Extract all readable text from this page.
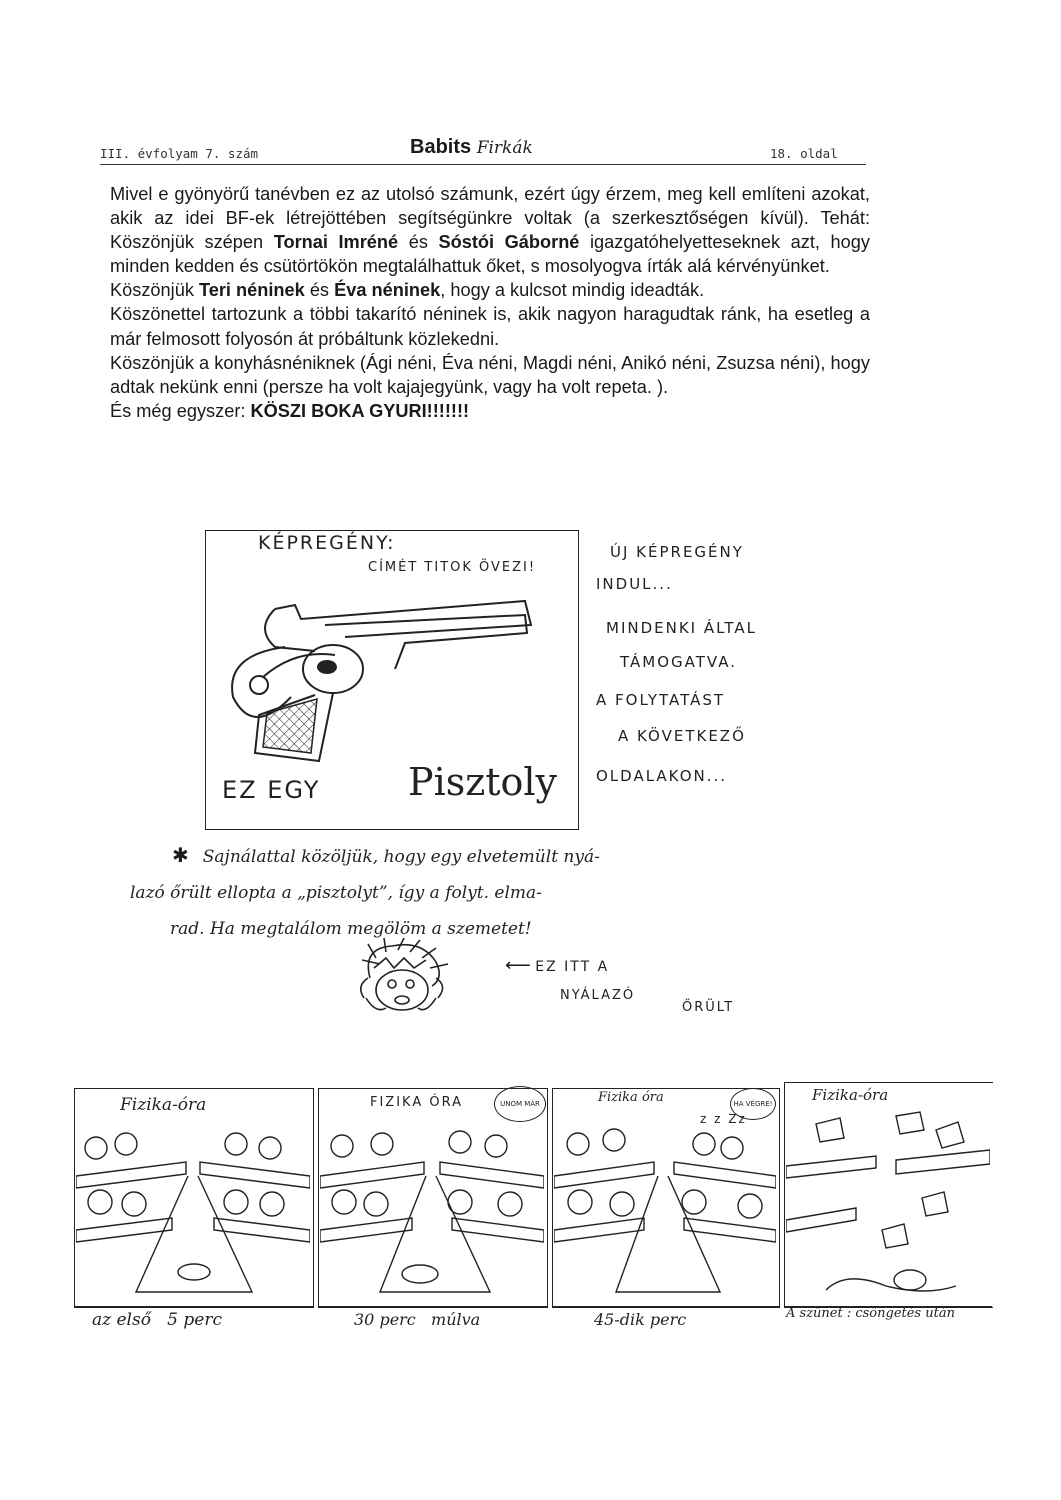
III. évfolyam 7. szám	Babits Firkák	18. oldal

Mivel e gyönyörű tanévben ez az utolsó számunk, ezért úgy érzem, meg kell említeni azokat, akik az idei BF-ek létrejöttében segítségünkre voltak (a szerkesztőségen kívül). Tehát: Köszönjük szépen Tornai Imréné és Sóstói Gáborné igazgatóhelyetteseknek azt, hogy minden kedden és csütörtökön megtalálhattuk őket, s mosolyogva írták alá kérvényünket.

Köszönjük Teri néninek és Éva néninek, hogy a kulcsot mindig ideadták.

Köszönettel tartozunk a többi takarító néninek is, akik nagyon haragudtak ránk, ha esetleg a már felmosott folyosón át próbáltunk közlekedni.

Köszönjük a konyhásnéniknek (Ági néni, Éva néni, Magdi néni, Anikó néni, Zsuzsa néni), hogy adtak nekünk enni (persze ha volt kajajegyünk, vagy ha volt repeta. ).

És még egyszer: KÖSZI BOKA GYURI!!!!!!!

KÉPREGÉNY:
CÍMÉT TITOK ÖVEZI!
EZ EGY Pisztoly
ÚJ KÉPREGÉNY
INDUL...
MINDENKI ÁLTAL
TÁMOGATVA.
A FOLYTATÁST
A KÖVETKEZŐ
OLDALAKON...
✱ Sajnálattal közöljük, hogy egy elvetemült nyá-
lazó őrült ellopta a „pisztolyt”, így a folyt. elma-
rad. Ha megtalálom megölöm a szemetet!
⟵ EZ ITT A
NYÁLAZÓ
ŐRÜLT
Fizika-óra
az első   5 perc
FIZIKA ÓRA	UNOM MÁR
30 perc   múlva
Fizika óra	HA VÉGRE!
z z Zz
45-dik perc
Fizika-óra
A szünet : csöngetés után
